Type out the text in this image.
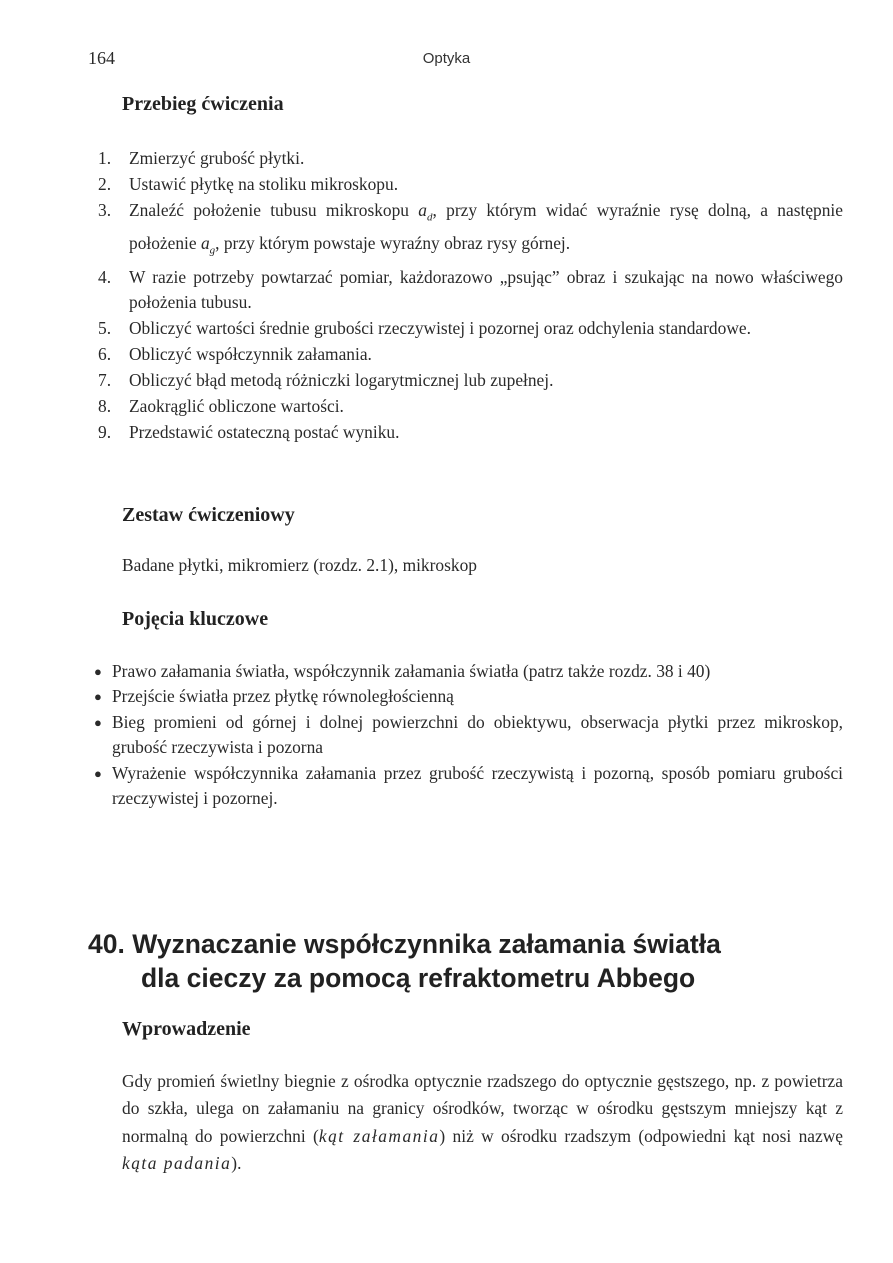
164	Optyka
Przebieg ćwiczenia
1.	Zmierzyć grubość płytki.
2.	Ustawić płytkę na stoliku mikroskopu.
3.	Znaleźć położenie tubusu mikroskopu $a_d$, przy którym widać wyraźnie rysę dolną, a następnie położenie $a_g$, przy którym powstaje wyraźny obraz rysy górnej.
4.	W razie potrzeby powtarzać pomiar, każdorazowo „psując” obraz i szukając na nowo właściwego położenia tubusu.
5.	Obliczyć wartości średnie grubości rzeczywistej i pozornej oraz odchylenia standardowe.
6.	Obliczyć współczynnik załamania.
7.	Obliczyć błąd metodą różniczki logarytmicznej lub zupełnej.
8.	Zaokrąglić obliczone wartości.
9.	Przedstawić ostateczną postać wyniku.
Zestaw ćwiczeniowy

Badane płytki, mikromierz (rozdz. 2.1), mikroskop

Pojęcia kluczowe
● Prawo załamania światła, współczynnik załamania światła (patrz także rozdz. 38 i 40)
● Przejście światła przez płytkę równoległościenną
● Bieg promieni od górnej i dolnej powierzchni do obiektywu, obserwacja płytki przez mikroskop, grubość rzeczywista i pozorna
● Wyrażenie współczynnika załamania przez grubość rzeczywistą i pozorną, sposób pomiaru grubości rzeczywistej i pozornej.
40. Wyznaczanie współczynnika załamania światła
dla cieczy za pomocą refraktometru Abbego
Wprowadzenie

Gdy promień świetlny biegnie z ośrodka optycznie rzadszego do optycznie gęstszego, np. z powietrza do szkła, ulega on załamaniu na granicy ośrodków, tworząc w ośrodku gęstszym mniejszy kąt z normalną do powierzchni (kąt załamania) niż w ośrodku rzadszym (odpowiedni kąt nosi nazwę kąta padania).
